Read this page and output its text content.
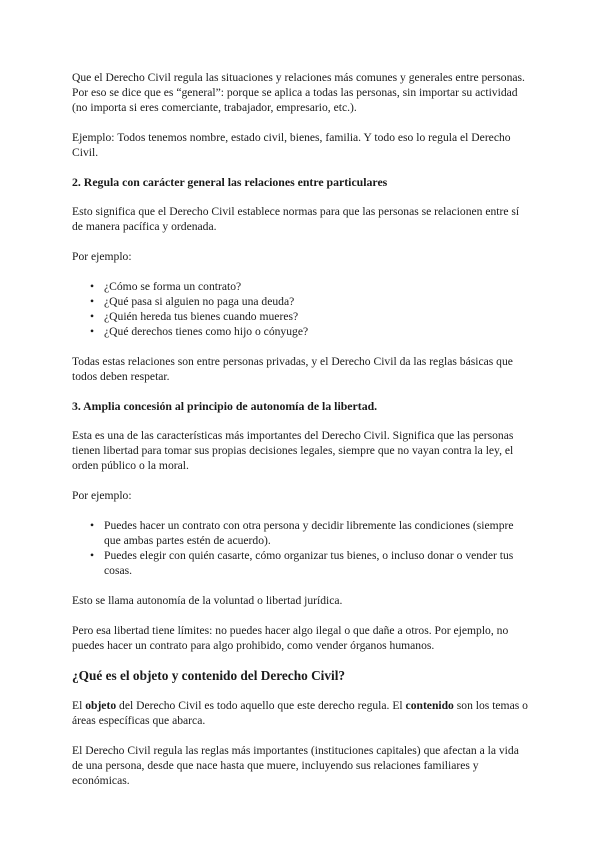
Que el Derecho Civil regula las situaciones y relaciones más comunes y generales entre personas. Por eso se dice que es “general”: porque se aplica a todas las personas, sin importar su actividad (no importa si eres comerciante, trabajador, empresario, etc.).

Ejemplo: Todos tenemos nombre, estado civil, bienes, familia. Y todo eso lo regula el Derecho Civil.

2. Regula con carácter general las relaciones entre particulares

Esto significa que el Derecho Civil establece normas para que las personas se relacionen entre sí de manera pacífica y ordenada.

Por ejemplo:

• ¿Cómo se forma un contrato?
• ¿Qué pasa si alguien no paga una deuda?
• ¿Quién hereda tus bienes cuando mueres?
• ¿Qué derechos tienes como hijo o cónyuge?

Todas estas relaciones son entre personas privadas, y el Derecho Civil da las reglas básicas que todos deben respetar.

3. Amplia concesión al principio de autonomía de la libertad.

Esta es una de las características más importantes del Derecho Civil. Significa que las personas tienen libertad para tomar sus propias decisiones legales, siempre que no vayan contra la ley, el orden público o la moral.

Por ejemplo:

• Puedes hacer un contrato con otra persona y decidir libremente las condiciones (siempre que ambas partes estén de acuerdo).
• Puedes elegir con quién casarte, cómo organizar tus bienes, o incluso donar o vender tus cosas.

Esto se llama autonomía de la voluntad o libertad jurídica.

Pero esa libertad tiene límites: no puedes hacer algo ilegal o que dañe a otros. Por ejemplo, no puedes hacer un contrato para algo prohibido, como vender órganos humanos.

¿Qué es el objeto y contenido del Derecho Civil?

El objeto del Derecho Civil es todo aquello que este derecho regula. El contenido son los temas o áreas específicas que abarca.

El Derecho Civil regula las reglas más importantes (instituciones capitales) que afectan a la vida de una persona, desde que nace hasta que muere, incluyendo sus relaciones familiares y económicas.
